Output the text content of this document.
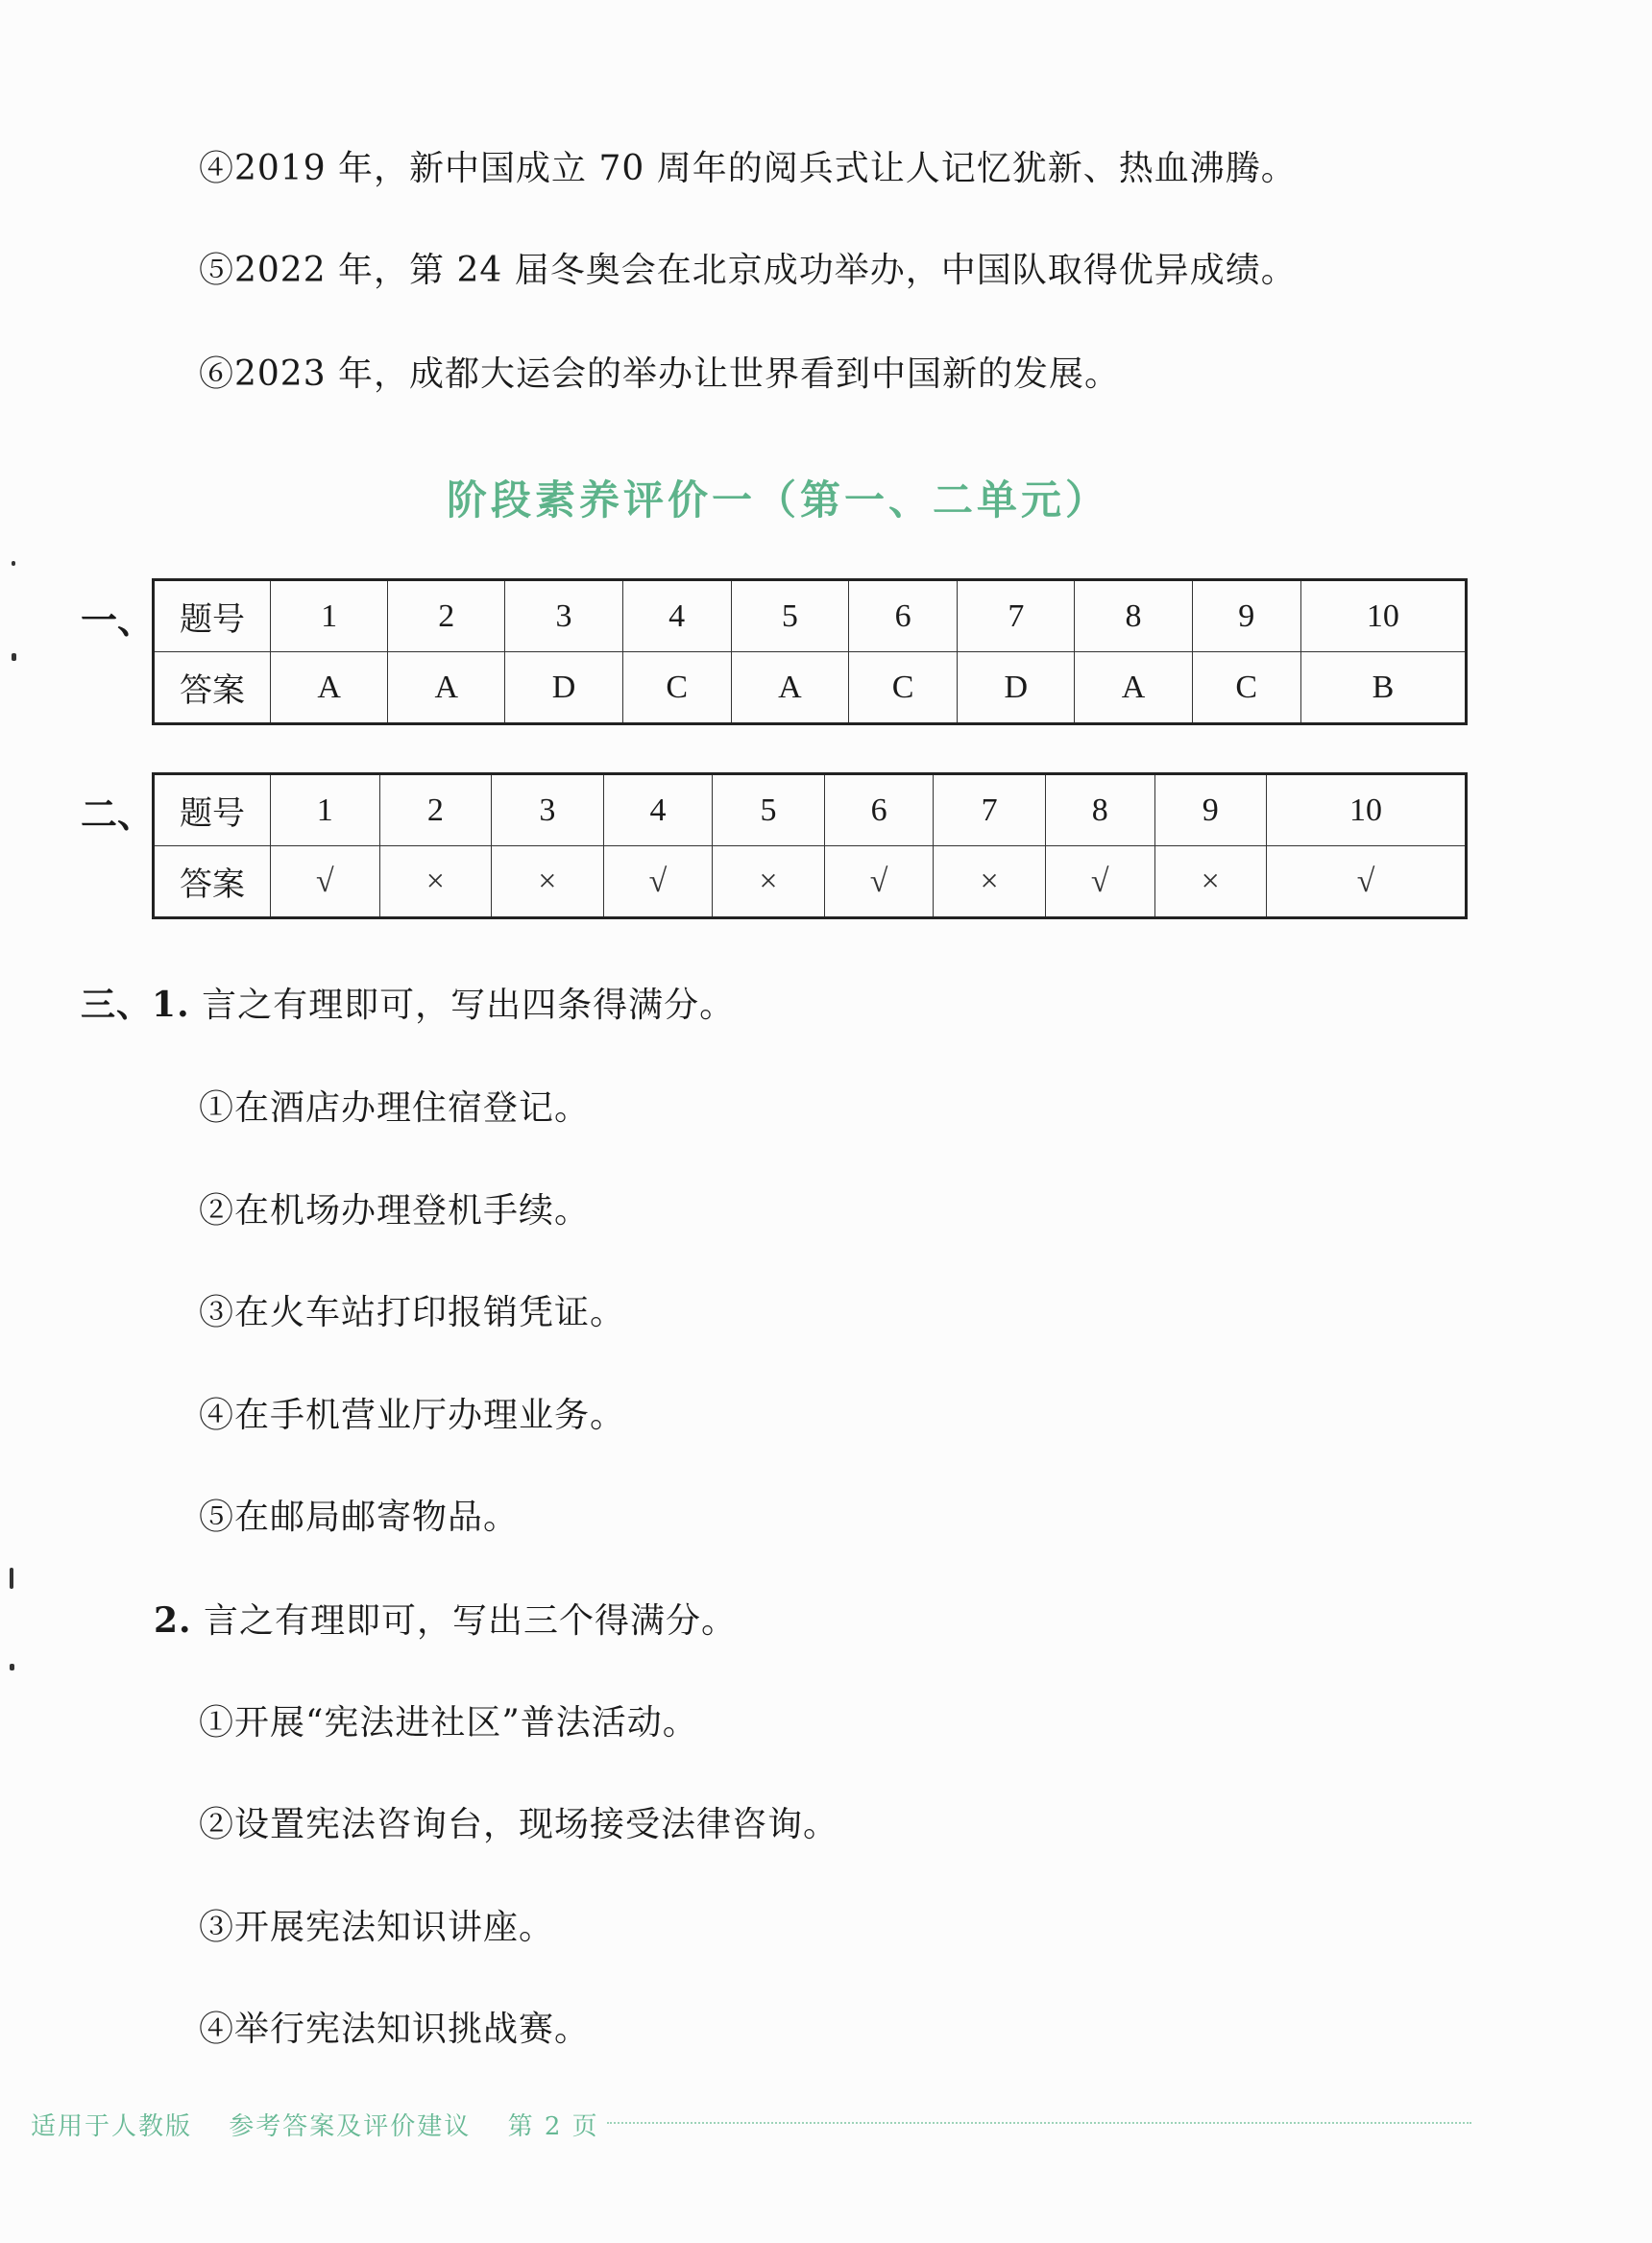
④2019 年，新中国成立 70 周年的阅兵式让人记忆犹新、热血沸腾。
⑤2022 年，第 24 届冬奥会在北京成功举办，中国队取得优异成绩。
⑥2023 年，成都大运会的举办让世界看到中国新的发展。
阶段素养评价一（第一、二单元）
一、 题号	1	2	3	4	5	6	7	8	9	10
答案	A	A	D	C	A	C	D	A	C	B
二、 题号	1	2	3	4	5	6	7	8	9	10
答案	√	×	×	√	×	√	×	√	×	√
三、1. 言之有理即可，写出四条得满分。
①在酒店办理住宿登记。
②在机场办理登机手续。
③在火车站打印报销凭证。
④在手机营业厅办理业务。
⑤在邮局邮寄物品。
2. 言之有理即可，写出三个得满分。
①开展“宪法进社区”普法活动。
②设置宪法咨询台，现场接受法律咨询。
③开展宪法知识讲座。
④举行宪法知识挑战赛。
适用于人教版 参考答案及评价建议 第 2 页
